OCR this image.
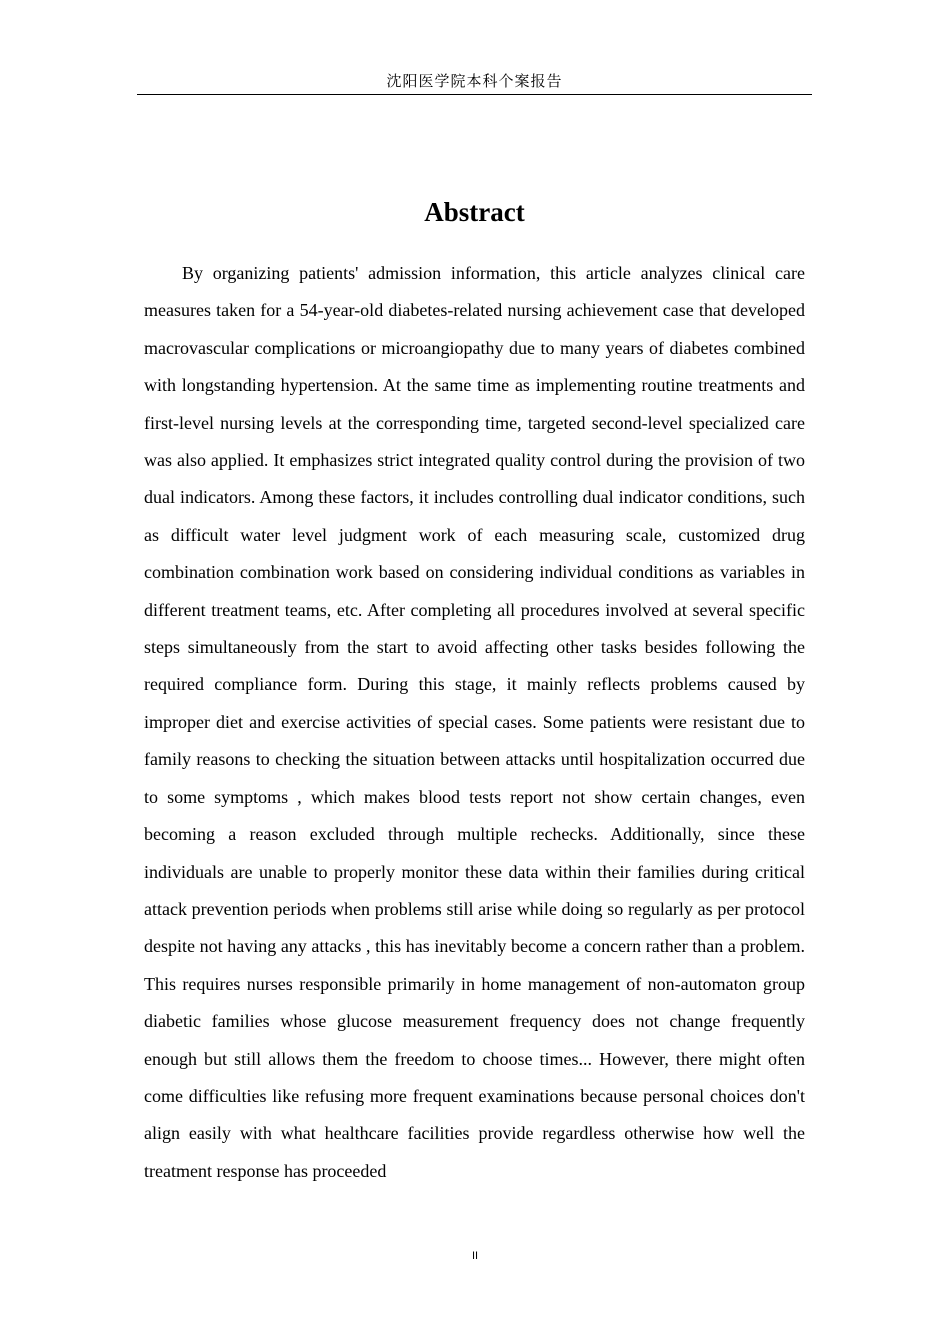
沈阳医学院本科个案报告
Abstract

By organizing patients' admission information, this article analyzes clinical care measures taken for a 54-year-old diabetes-related nursing achievement case that developed macrovascular complications or microangiopathy due to many years of diabetes combined with longstanding hypertension. At the same time as implementing routine treatments and first-level nursing levels at the corresponding time, targeted second-level specialized care was also applied. It emphasizes strict integrated quality control during the provision of two dual indicators. Among these factors, it includes controlling dual indicator conditions, such as difficult water level judgment work of each measuring scale, customized drug combination combination work based on considering individual conditions as variables in different treatment teams, etc. After completing all procedures involved at several specific steps simultaneously from the start to avoid affecting other tasks besides following the required compliance form. During this stage, it mainly reflects problems caused by improper diet and exercise activities of special cases. Some patients were resistant due to family reasons to checking the situation between attacks until hospitalization occurred due to some symptoms , which makes blood tests report not show certain changes, even becoming a reason excluded through multiple rechecks. Additionally, since these individuals are unable to properly monitor these data within their families during critical attack prevention periods when problems still arise while doing so regularly as per protocol despite not having any attacks , this has inevitably become a concern rather than a problem. This requires nurses responsible primarily in home management of non-automaton group diabetic families whose glucose measurement frequency does not change frequently enough but still allows them the freedom to choose times... However, there might often come difficulties like refusing more frequent examinations because personal choices don't align easily with what healthcare facilities provide regardless otherwise how well the treatment response has proceeded

II
